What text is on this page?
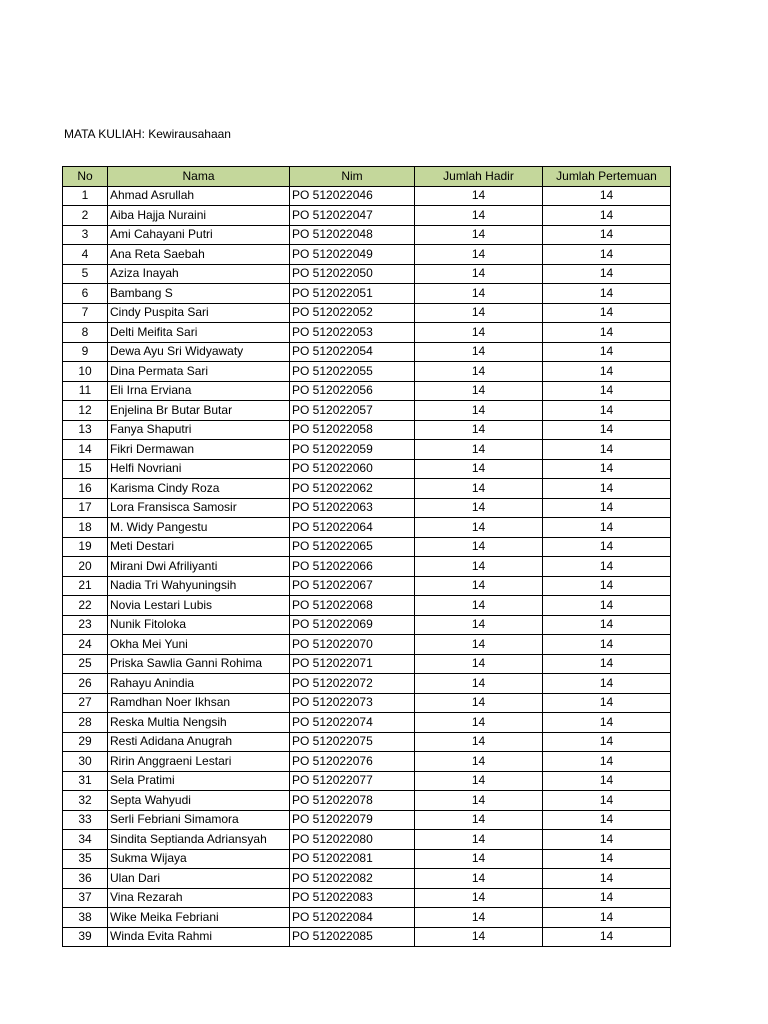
MATA KULIAH: Kewirausahaan
No	Nama	Nim	Jumlah Hadir	Jumlah Pertemuan
1	Ahmad Asrullah	PO 512022046	14	14
2	Aiba Hajja Nuraini	PO 512022047	14	14
3	Ami Cahayani Putri	PO 512022048	14	14
4	Ana Reta Saebah	PO 512022049	14	14
5	Aziza Inayah	PO 512022050	14	14
6	Bambang S	PO 512022051	14	14
7	Cindy Puspita Sari	PO 512022052	14	14
8	Delti Meifita Sari	PO 512022053	14	14
9	Dewa Ayu Sri Widyawaty	PO 512022054	14	14
10	Dina Permata Sari	PO 512022055	14	14
11	Eli Irna Erviana	PO 512022056	14	14
12	Enjelina Br Butar Butar	PO 512022057	14	14
13	Fanya Shaputri	PO 512022058	14	14
14	Fikri Dermawan	PO 512022059	14	14
15	Helfi Novriani	PO 512022060	14	14
16	Karisma Cindy Roza	PO 512022062	14	14
17	Lora Fransisca Samosir	PO 512022063	14	14
18	M. Widy Pangestu	PO 512022064	14	14
19	Meti Destari	PO 512022065	14	14
20	Mirani Dwi Afriliyanti	PO 512022066	14	14
21	Nadia Tri Wahyuningsih	PO 512022067	14	14
22	Novia Lestari Lubis	PO 512022068	14	14
23	Nunik Fitoloka	PO 512022069	14	14
24	Okha Mei Yuni	PO 512022070	14	14
25	Priska Sawlia Ganni Rohima	PO 512022071	14	14
26	Rahayu Anindia	PO 512022072	14	14
27	Ramdhan Noer Ikhsan	PO 512022073	14	14
28	Reska Multia Nengsih	PO 512022074	14	14
29	Resti Adidana Anugrah	PO 512022075	14	14
30	Ririn Anggraeni Lestari	PO 512022076	14	14
31	Sela Pratimi	PO 512022077	14	14
32	Septa Wahyudi	PO 512022078	14	14
33	Serli Febriani Simamora	PO 512022079	14	14
34	Sindita Septianda Adriansyah	PO 512022080	14	14
35	Sukma Wijaya	PO 512022081	14	14
36	Ulan Dari	PO 512022082	14	14
37	Vina Rezarah	PO 512022083	14	14
38	Wike Meika Febriani	PO 512022084	14	14
39	Winda Evita Rahmi	PO 512022085	14	14
